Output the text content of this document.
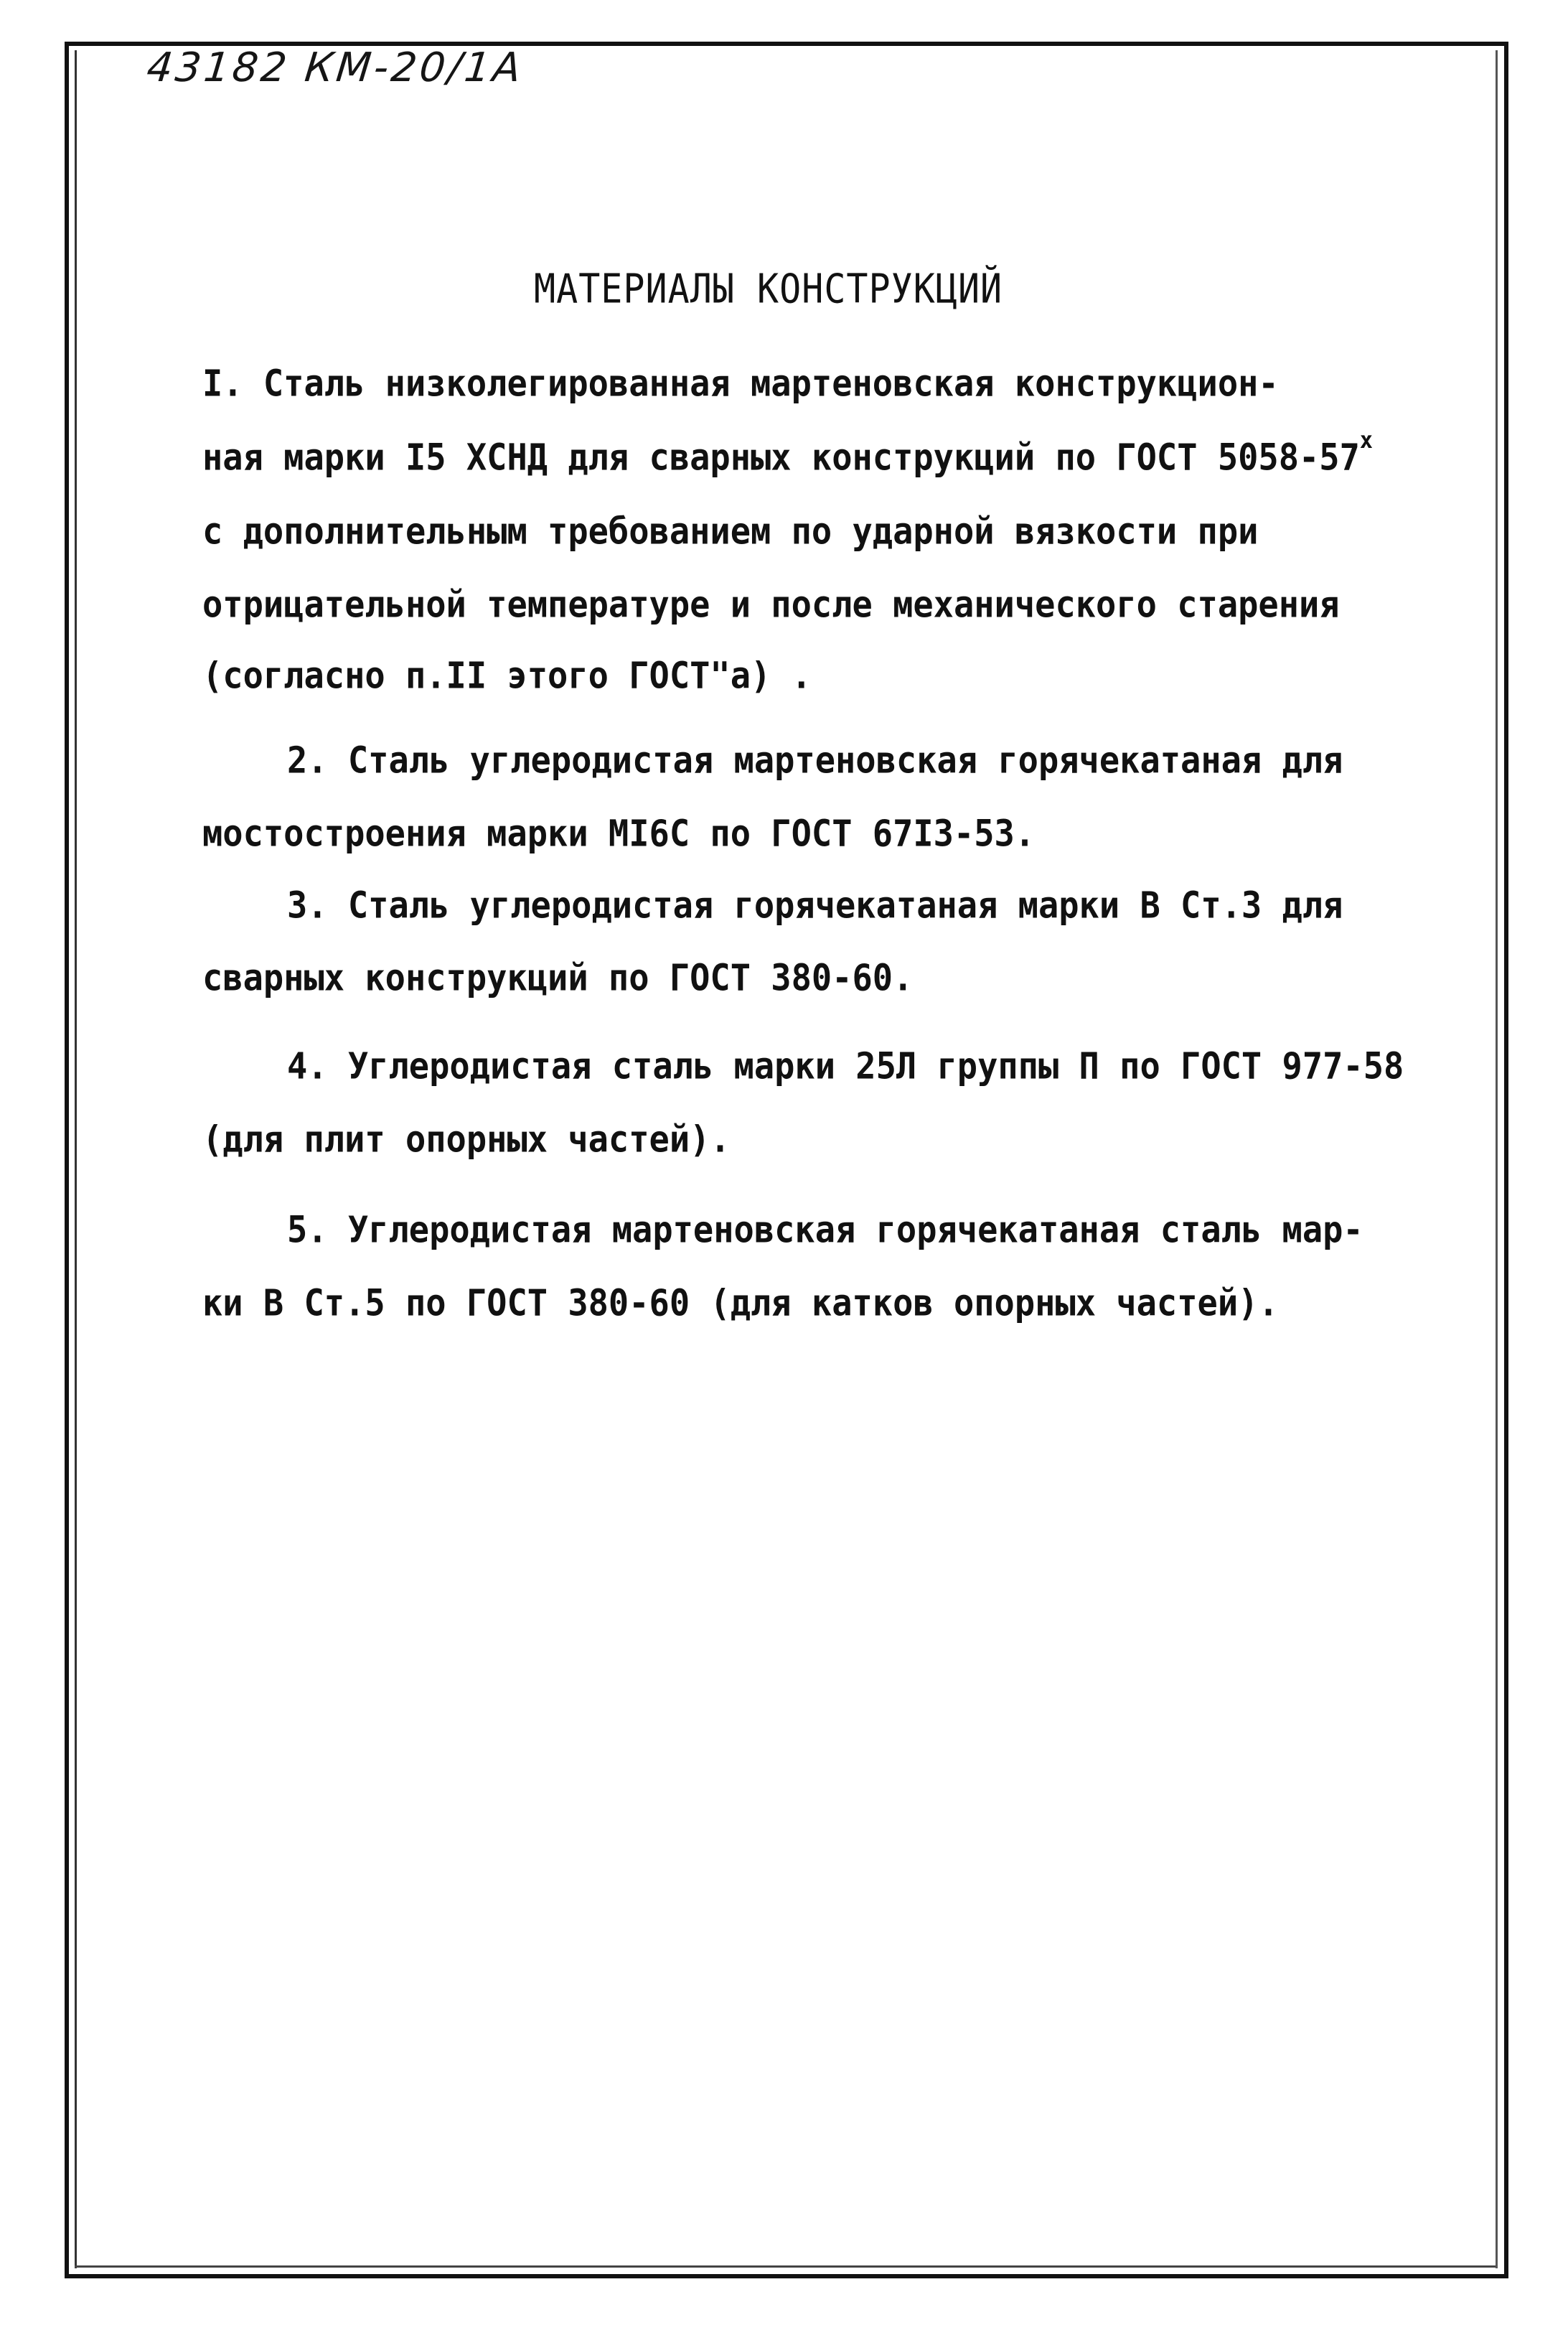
43182 КМ-20/1А
МАТЕРИАЛЫ КОНСТРУКЦИЙ
I. Сталь низколегированная мартеновская конструкцион-
ная марки I5 ХСНД для сварных конструкций по ГОСТ $5058-57^х$
с дополнительным требованием по ударной вязкости при
отрицательной температуре и после механического старения
(согласно п.II этого ГОСТ"а) .
2. Сталь углеродистая мартеновская горячекатаная для
мостостроения марки МI6С по ГОСТ 67I3-53.
3. Сталь углеродистая горячекатаная марки В Ст.3 для
сварных конструкций по ГОСТ 380-60.
4. Углеродистая сталь марки 25Л группы П по ГОСТ 977-58
(для плит опорных частей).
5. Углеродистая мартеновская горячекатаная сталь мар-
ки В Ст.5 по ГОСТ 380-60 (для катков опорных частей).
